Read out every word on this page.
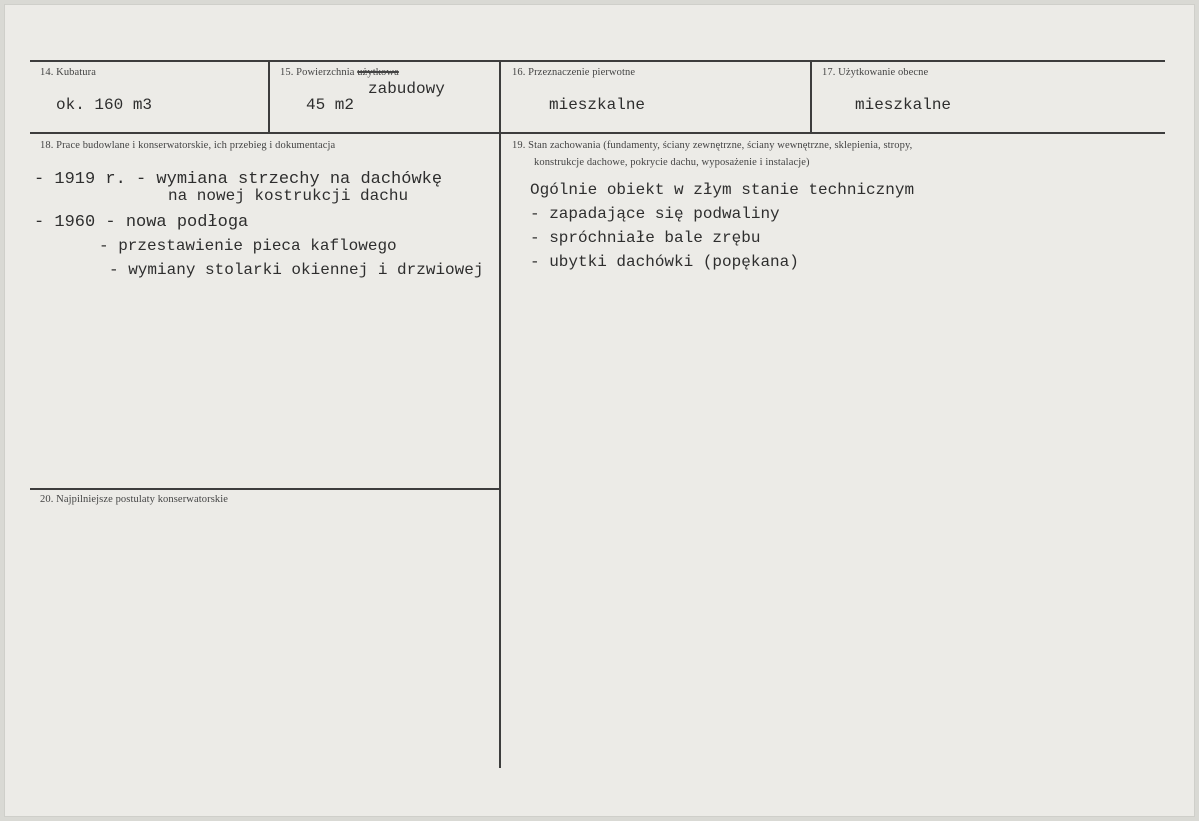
14. Kubatura
ok. 160 m3
15. Powierzchnia użytkowa
zabudowy
45 m2
16. Przeznaczenie pierwotne
mieszkalne
17. Użytkowanie obecne
mieszkalne
18. Prace budowlane i konserwatorskie, ich przebieg i dokumentacja
- 1919 r. - wymiana strzechy na dachówkę
na nowej kostrukcji dachu
- 1960 - nowa podłoga
- przestawienie pieca kaflowego
- wymiany stolarki okiennej i drzwiowej
19. Stan zachowania (fundamenty, ściany zewnętrzne, ściany wewnętrzne, sklepienia, stropy,
konstrukcje dachowe, pokrycie dachu, wyposażenie i instalacje)
Ogólnie obiekt w złym stanie technicznym
- zapadające się podwaliny
- spróchniałe bale zrębu
- ubytki dachówki (popękana)
20. Najpilniejsze postulaty konserwatorskie
